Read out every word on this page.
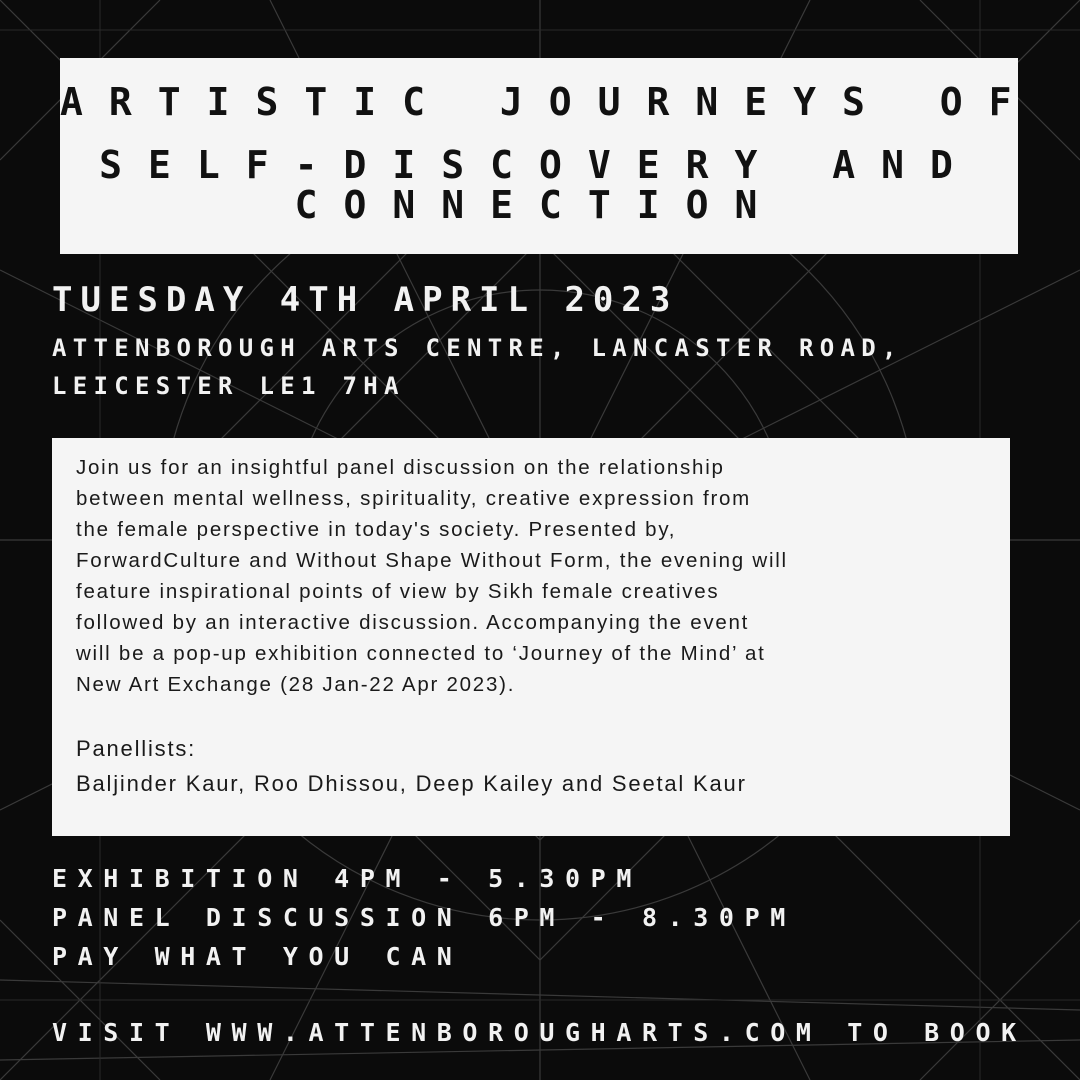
ARTISTIC JOURNEYS OF
SELF-DISCOVERY AND
CONNECTION
TUESDAY 4TH APRIL 2023
ATTENBOROUGH ARTS CENTRE, LANCASTER ROAD,
LEICESTER LE1 7HA
Join us for an insightful panel discussion on the relationship
between mental wellness, spirituality, creative expression from
the female perspective in today's society. Presented by,
ForwardCulture and Without Shape Without Form, the evening will
feature inspirational points of view by Sikh female creatives
followed by an interactive discussion. Accompanying the event
will be a pop-up exhibition connected to ‘Journey of the Mind’ at
New Art Exchange (28 Jan-22 Apr 2023).
Panellists:
Baljinder Kaur, Roo Dhissou, Deep Kailey and Seetal Kaur
EXHIBITION 4PM - 5.30PM
PANEL DISCUSSION 6PM - 8.30PM
PAY WHAT YOU CAN
VISIT WWW.ATTENBOROUGHARTS.COM TO BOOK
